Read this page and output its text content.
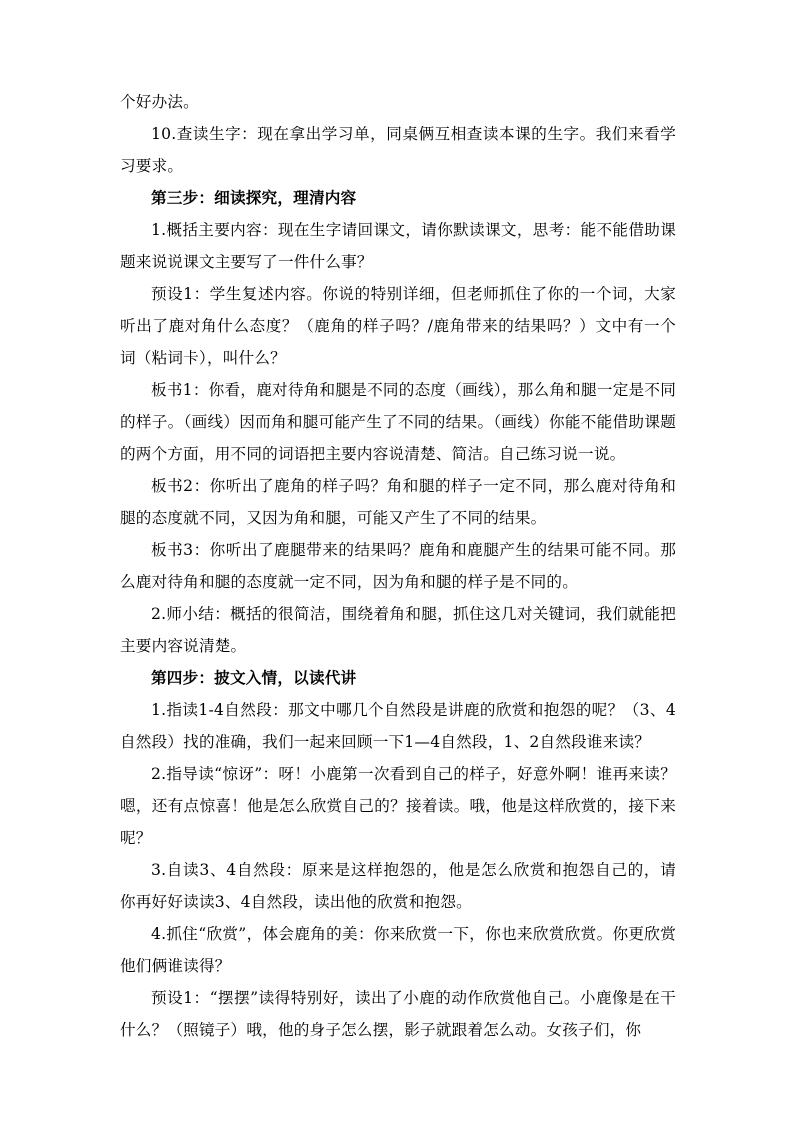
个好办法。

10.查读生字：现在拿出学习单，同桌俩互相查读本课的生字。我们来看学习要求。

第三步：细读探究，理清内容

1.概括主要内容：现在生字请回课文，请你默读课文，思考：能不能借助课题来说说课文主要写了一件什么事？

预设1：学生复述内容。你说的特别详细，但老师抓住了你的一个词，大家听出了鹿对角什么态度？（鹿角的样子吗？/鹿角带来的结果吗？）文中有一个词（粘词卡），叫什么？

板书1：你看，鹿对待角和腿是不同的态度（画线），那么角和腿一定是不同的样子。（画线）因而角和腿可能产生了不同的结果。（画线）你能不能借助课题的两个方面，用不同的词语把主要内容说清楚、简洁。自己练习说一说。

板书2：你听出了鹿角的样子吗？角和腿的样子一定不同，那么鹿对待角和腿的态度就不同，又因为角和腿，可能又产生了不同的结果。

板书3：你听出了鹿腿带来的结果吗？鹿角和鹿腿产生的结果可能不同。那么鹿对待角和腿的态度就一定不同，因为角和腿的样子是不同的。

2.师小结：概括的很简洁，围绕着角和腿，抓住这几对关键词，我们就能把主要内容说清楚。

第四步：披文入情，以读代讲

1.指读1-4自然段：那文中哪几个自然段是讲鹿的欣赏和抱怨的呢？（3、4自然段）找的准确，我们一起来回顾一下1—4自然段，1、2自然段谁来读？

2.指导读“惊讶”：呀！小鹿第一次看到自己的样子，好意外啊！谁再来读？嗯，还有点惊喜！他是怎么欣赏自己的？接着读。哦，他是这样欣赏的，接下来呢？

3.自读3、4自然段：原来是这样抱怨的，他是怎么欣赏和抱怨自己的，请你再好好读读3、4自然段，读出他的欣赏和抱怨。

4.抓住“欣赏”，体会鹿角的美：你来欣赏一下，你也来欣赏欣赏。你更欣赏他们俩谁读得？

预设1：“摆摆”读得特别好，读出了小鹿的动作欣赏他自己。小鹿像是在干什么？（照镜子）哦，他的身子怎么摆，影子就跟着怎么动。女孩子们，你
